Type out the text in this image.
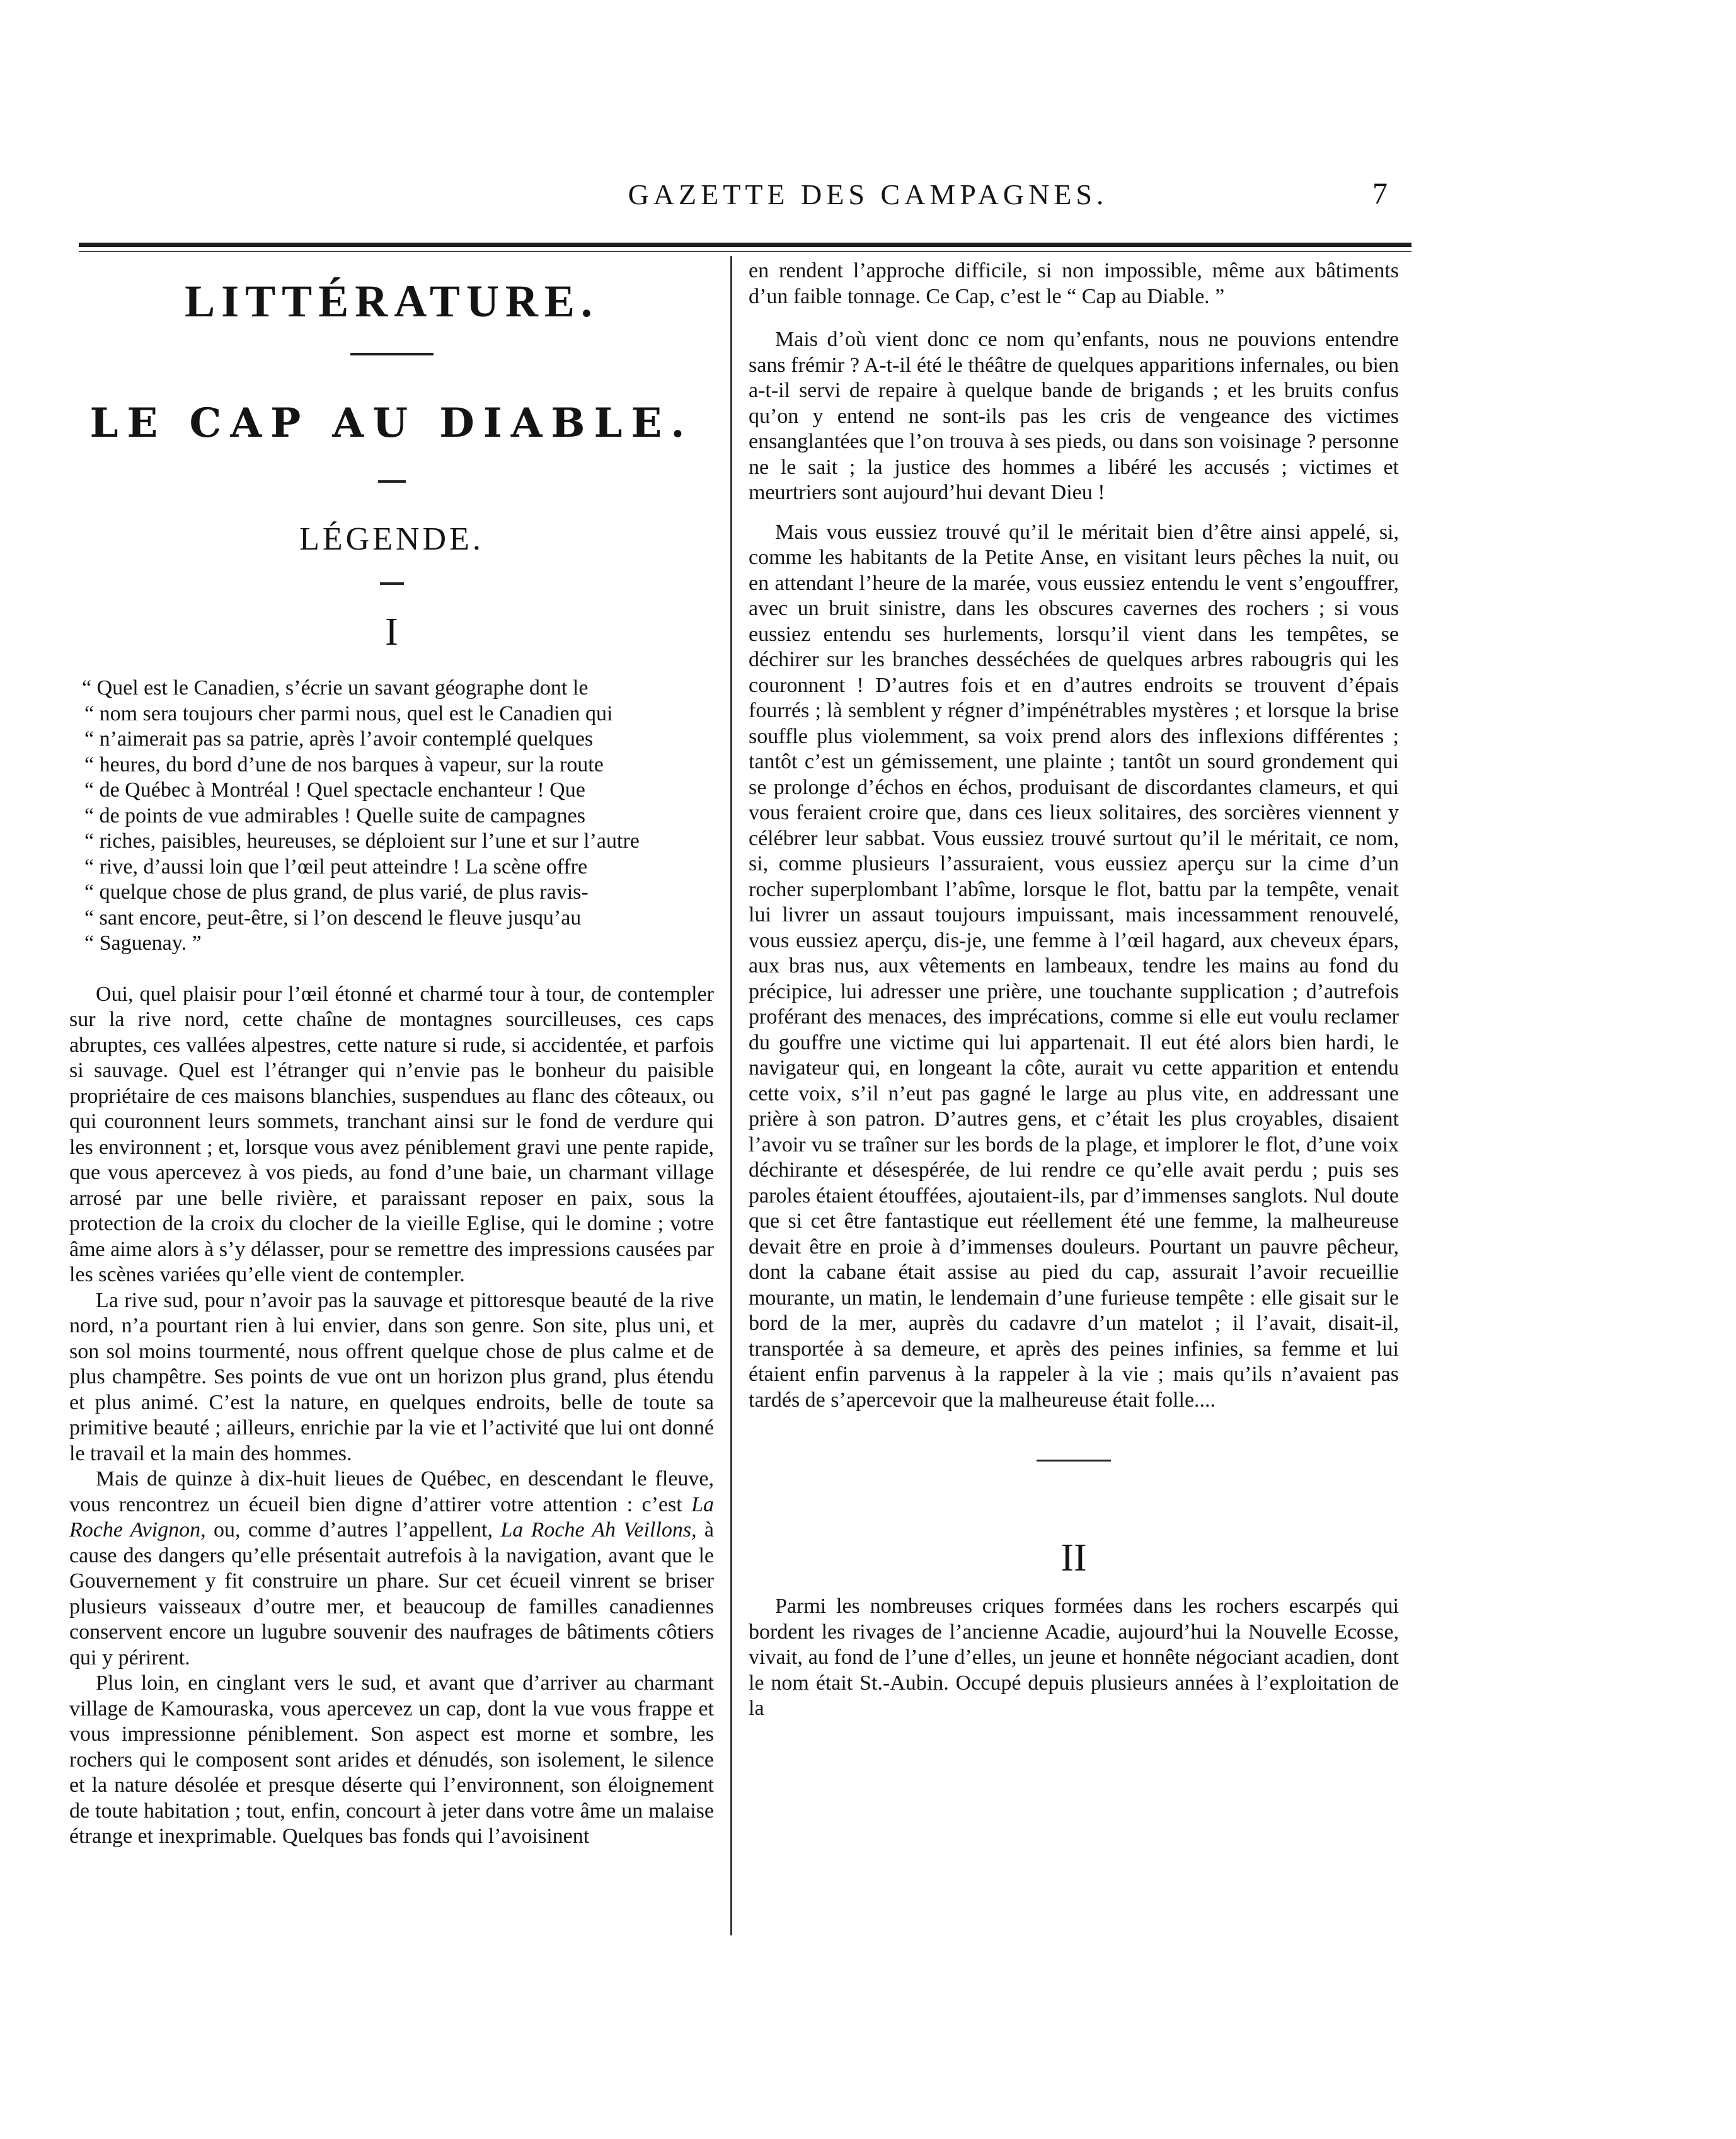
GAZETTE DES CAMPAGNES.	7
LITTÉRATURE.
LE CAP AU DIABLE.
LÉGENDE.
I

“ Quel est le Canadien, s’écrie un savant géographe dont le

“ nom sera toujours cher parmi nous, quel est le Canadien qui

“ n’aimerait pas sa patrie, après l’avoir contemplé quelques

“ heures, du bord d’une de nos barques à vapeur, sur la route

“ de Québec à Montréal ! Quel spectacle enchanteur ! Que

“ de points de vue admirables ! Quelle suite de campagnes

“ riches, paisibles, heureuses, se déploient sur l’une et sur l’autre

“ rive, d’aussi loin que l’œil peut atteindre ! La scène offre

“ quelque chose de plus grand, de plus varié, de plus ravis-

“ sant encore, peut-être, si l’on descend le fleuve jusqu’au

“ Saguenay. ”

Oui, quel plaisir pour l’œil étonné et charmé tour à tour, de contempler sur la rive nord, cette chaîne de montagnes sourcilleuses, ces caps abruptes, ces vallées alpestres, cette nature si rude, si accidentée, et parfois si sauvage. Quel est l’étranger qui n’envie pas le bonheur du paisible propriétaire de ces maisons blanchies, suspendues au flanc des côteaux, ou qui couronnent leurs sommets, tranchant ainsi sur le fond de verdure qui les environnent ; et, lorsque vous avez péniblement gravi une pente rapide, que vous apercevez à vos pieds, au fond d’une baie, un charmant village arrosé par une belle rivière, et paraissant reposer en paix, sous la protection de la croix du clocher de la vieille Eglise, qui le domine ; votre âme aime alors à s’y délasser, pour se remettre des impressions causées par les scènes variées qu’elle vient de contempler.

La rive sud, pour n’avoir pas la sauvage et pittoresque beauté de la rive nord, n’a pourtant rien à lui envier, dans son genre. Son site, plus uni, et son sol moins tourmenté, nous offrent quelque chose de plus calme et de plus champêtre. Ses points de vue ont un horizon plus grand, plus étendu et plus animé. C’est la nature, en quelques endroits, belle de toute sa primitive beauté ; ailleurs, enrichie par la vie et l’activité que lui ont donné le travail et la main des hommes.

Mais de quinze à dix-huit lieues de Québec, en descendant le fleuve, vous rencontrez un écueil bien digne d’attirer votre attention : c’est La Roche Avignon, ou, comme d’autres l’appellent, La Roche Ah Veillons, à cause des dangers qu’elle présentait autrefois à la navigation, avant que le Gouvernement y fit construire un phare. Sur cet écueil vinrent se briser plusieurs vaisseaux d’outre mer, et beaucoup de familles canadiennes conservent encore un lugubre souvenir des naufrages de bâtiments côtiers qui y périrent.

Plus loin, en cinglant vers le sud, et avant que d’arriver au charmant village de Kamouraska, vous apercevez un cap, dont la vue vous frappe et vous impressionne péniblement. Son aspect est morne et sombre, les rochers qui le composent sont arides et dénudés, son isolement, le silence et la nature désolée et presque déserte qui l’environnent, son éloignement de toute habitation ; tout, enfin, concourt à jeter dans votre âme un malaise étrange et inexprimable. Quelques bas fonds qui l’avoisinent

en rendent l’approche difficile, si non impossible, même aux bâtiments d’un faible tonnage. Ce Cap, c’est le “ Cap au Diable. ”

Mais d’où vient donc ce nom qu’enfants, nous ne pouvions entendre sans frémir ? A-t-il été le théâtre de quelques apparitions infernales, ou bien a-t-il servi de repaire à quelque bande de brigands ; et les bruits confus qu’on y entend ne sont-ils pas les cris de vengeance des victimes ensanglantées que l’on trouva à ses pieds, ou dans son voisinage ? personne ne le sait ; la justice des hommes a libéré les accusés ; victimes et meurtriers sont aujourd’hui devant Dieu !

Mais vous eussiez trouvé qu’il le méritait bien d’être ainsi appelé, si, comme les habitants de la Petite Anse, en visitant leurs pêches la nuit, ou en attendant l’heure de la marée, vous eussiez entendu le vent s’engouffrer, avec un bruit sinistre, dans les obscures cavernes des rochers ; si vous eussiez entendu ses hurlements, lorsqu’il vient dans les tempêtes, se déchirer sur les branches desséchées de quelques arbres rabougris qui les couronnent ! D’autres fois et en d’autres endroits se trouvent d’épais fourrés ; là semblent y régner d’impénétrables mystères ; et lorsque la brise souffle plus violemment, sa voix prend alors des inflexions différentes ; tantôt c’est un gémissement, une plainte ; tantôt un sourd grondement qui se prolonge d’échos en échos, produisant de discordantes clameurs, et qui vous feraient croire que, dans ces lieux solitaires, des sorcières viennent y célébrer leur sabbat. Vous eussiez trouvé surtout qu’il le méritait, ce nom, si, comme plusieurs l’assuraient, vous eussiez aperçu sur la cime d’un rocher superplombant l’abîme, lorsque le flot, battu par la tempête, venait lui livrer un assaut toujours impuissant, mais incessamment renouvelé, vous eussiez aperçu, dis-je, une femme à l’œil hagard, aux cheveux épars, aux bras nus, aux vêtements en lambeaux, tendre les mains au fond du précipice, lui adresser une prière, une touchante supplication ; d’autrefois proférant des menaces, des imprécations, comme si elle eut voulu reclamer du gouffre une victime qui lui appartenait. Il eut été alors bien hardi, le navigateur qui, en longeant la côte, aurait vu cette apparition et entendu cette voix, s’il n’eut pas gagné le large au plus vite, en addressant une prière à son patron. D’autres gens, et c’était les plus croyables, disaient l’avoir vu se traîner sur les bords de la plage, et implorer le flot, d’une voix déchirante et désespérée, de lui rendre ce qu’elle avait perdu ; puis ses paroles étaient étouffées, ajoutaient-ils, par d’immenses sanglots. Nul doute que si cet être fantastique eut réellement été une femme, la malheureuse devait être en proie à d’immenses douleurs. Pourtant un pauvre pêcheur, dont la cabane était assise au pied du cap, assurait l’avoir recueillie mourante, un matin, le lendemain d’une furieuse tempête : elle gisait sur le bord de la mer, auprès du cadavre d’un matelot ; il l’avait, disait-il, transportée à sa demeure, et après des peines infinies, sa femme et lui étaient enfin parvenus à la rappeler à la vie ; mais qu’ils n’avaient pas tardés de s’apercevoir que la malheureuse était folle....

II

Parmi les nombreuses criques formées dans les rochers escarpés qui bordent les rivages de l’ancienne Acadie, aujourd’hui la Nouvelle Ecosse, vivait, au fond de l’une d’elles, un jeune et honnête négociant acadien, dont le nom était St.-Aubin. Occupé depuis plusieurs années à l’exploitation de la
